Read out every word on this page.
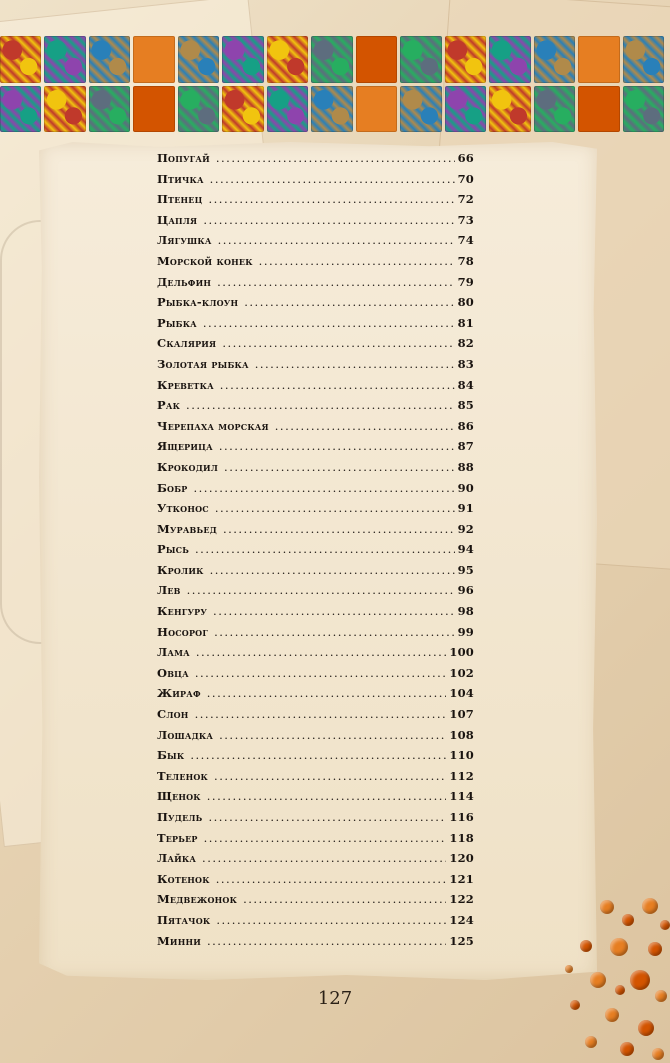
Попугай .....	66
Птичка .....	70
Птенец .....	72
Цапля .....	73
Лягушка .....	74
Морской конек .....	78
Дельфин .....	79
Рыбка-клоун .....	80
Рыбка .....	81
Скалярия .....	82
Золотая рыбка .....	83
Креветка .....	84
Рак .....	85
Черепаха морская .....	86
Ящерица .....	87
Крокодил .....	88
Бобр .....	90
Утконос .....	91
Муравьед .....	92
Рысь .....	94
Кролик .....	95
Лев .....	96
Кенгуру .....	98
Носорог .....	99
Лама .....	100
Овца .....	102
Жираф .....	104
Слон .....	107
Лошадка .....	108
Бык .....	110
Теленок .....	112
Щенок .....	114
Пудель .....	116
Терьер .....	118
Лайка .....	120
Котенок .....	121
Медвежонок .....	122
Пятачок .....	124
Минни .....	125
127
